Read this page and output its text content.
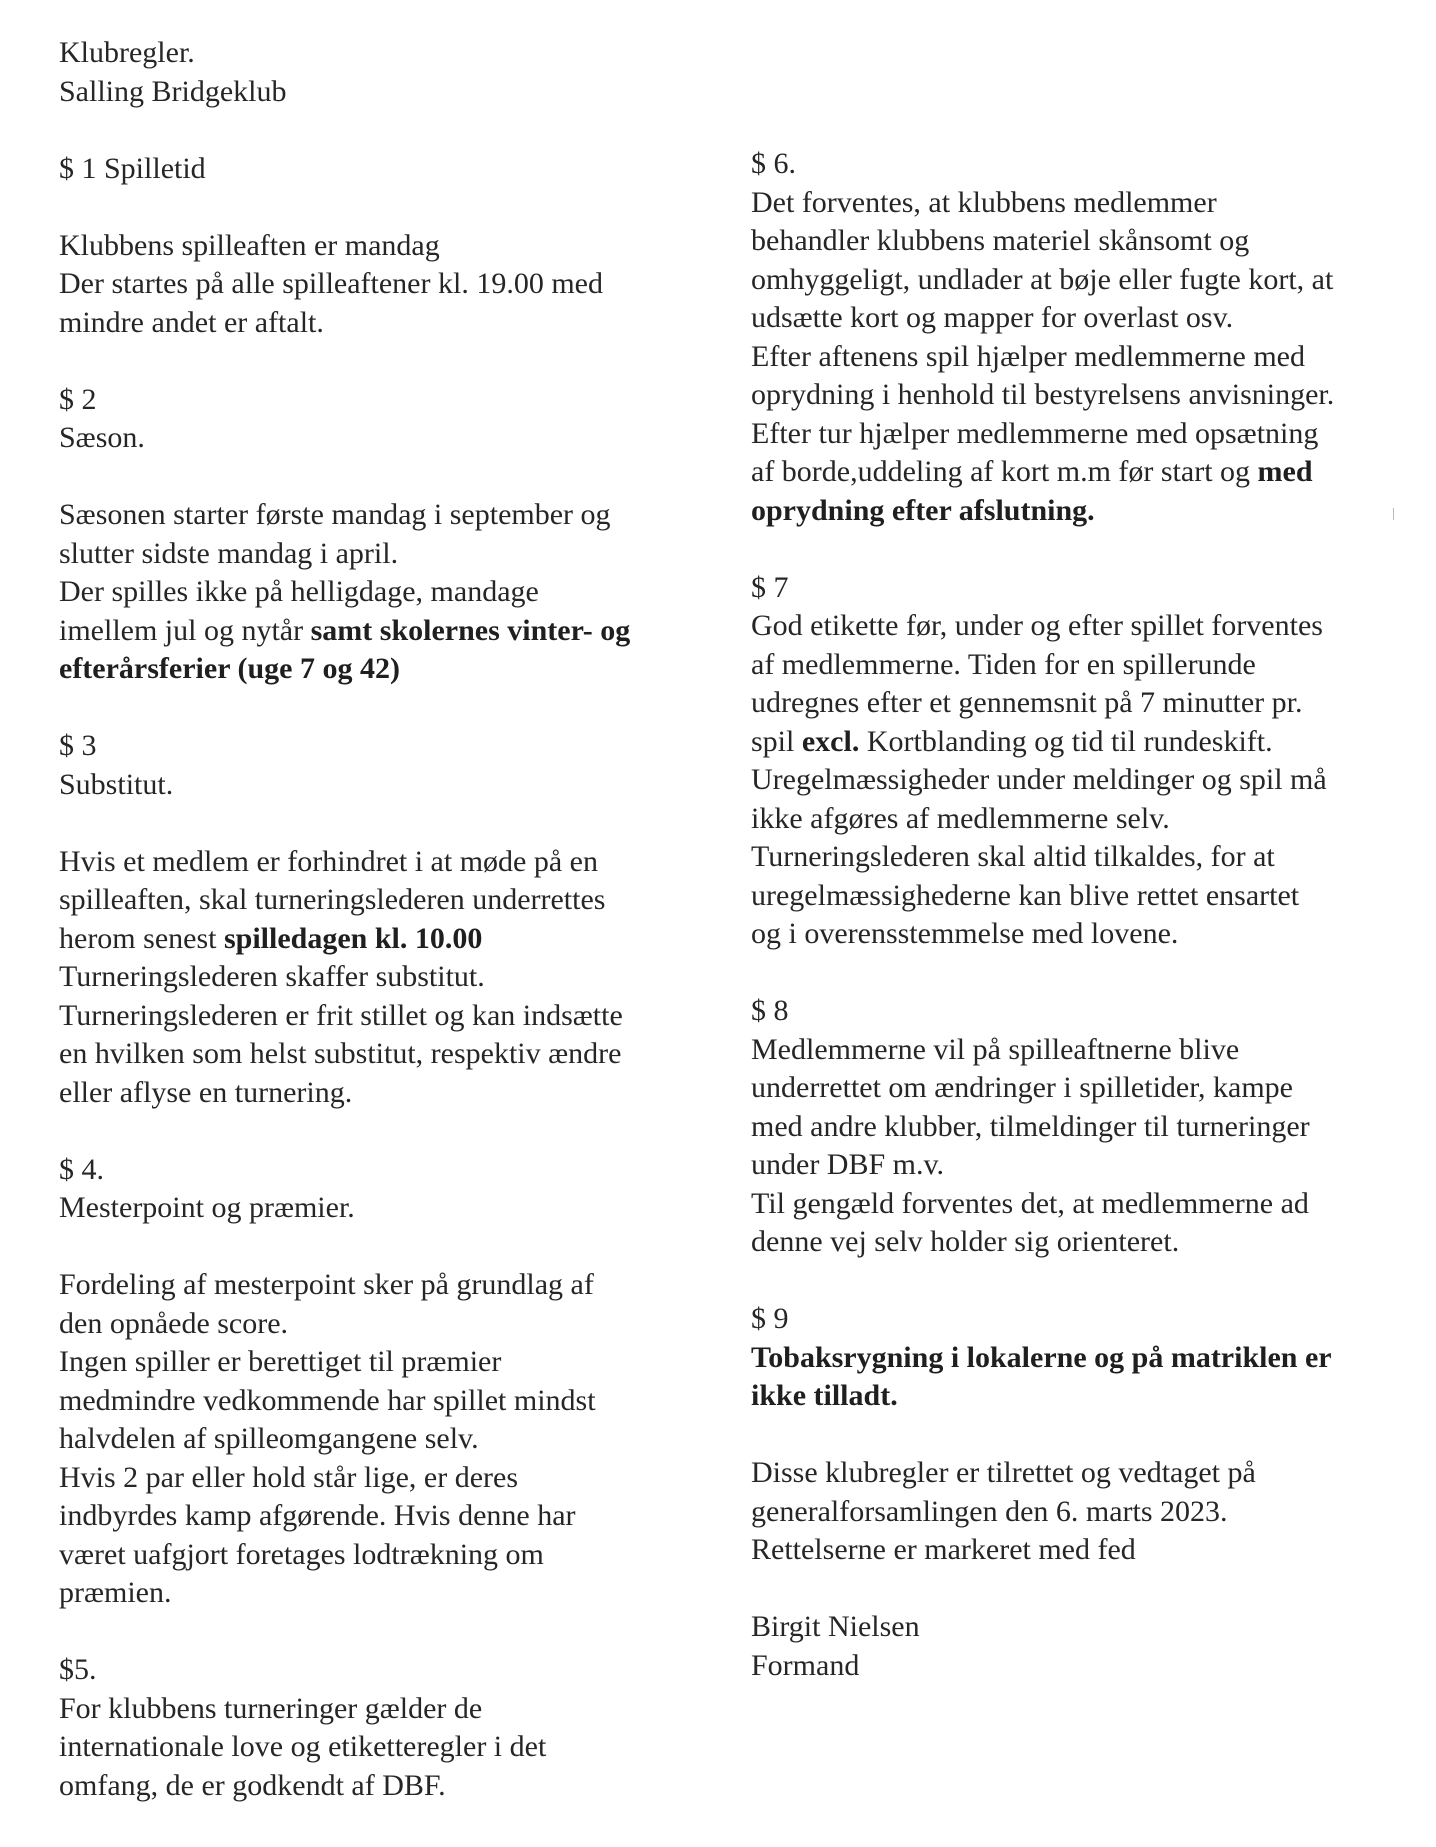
Klubregler.
Salling Bridgeklub
$ 1 Spilletid
Klubbens spilleaften er mandag
Der startes på alle spilleaftener kl. 19.00 med
mindre andet er aftalt.
$ 2
Sæson.
Sæsonen starter første mandag i september og
slutter sidste mandag i april.
Der spilles ikke på helligdage, mandage
imellem jul og nytår samt skolernes vinter- og
efterårsferier (uge 7 og 42)
$ 3
Substitut.
Hvis et medlem er forhindret i at møde på en
spilleaften, skal turneringslederen underrettes
herom senest spilledagen kl. 10.00
Turneringslederen skaffer substitut.
Turneringslederen er frit stillet og kan indsætte
en hvilken som helst substitut, respektiv ændre
eller aflyse en turnering.
$ 4.
Mesterpoint og præmier.
Fordeling af mesterpoint sker på grundlag af
den opnåede score.
Ingen spiller er berettiget til præmier
medmindre vedkommende har spillet mindst
halvdelen af spilleomgangene selv.
Hvis 2 par eller hold står lige, er deres
indbyrdes kamp afgørende. Hvis denne har
været uafgjort foretages lodtrækning om
præmien.
$5.
For klubbens turneringer gælder de
internationale love og etiketteregler i det
omfang, de er godkendt af DBF.
$ 6.
Det forventes, at klubbens medlemmer
behandler klubbens materiel skånsomt og
omhyggeligt, undlader at bøje eller fugte kort, at
udsætte kort og mapper for overlast osv.
Efter aftenens spil hjælper medlemmerne med
oprydning i henhold til bestyrelsens anvisninger.
Efter tur hjælper medlemmerne med opsætning
af borde,uddeling af kort m.m før start og med
oprydning efter afslutning.
$ 7
God etikette før, under og efter spillet forventes
af medlemmerne. Tiden for en spillerunde
udregnes efter et gennemsnit på 7 minutter pr.
spil excl. Kortblanding og tid til rundeskift.
Uregelmæssigheder under meldinger og spil må
ikke afgøres af medlemmerne selv.
Turneringslederen skal altid tilkaldes, for at
uregelmæssighederne kan blive rettet ensartet
og i overensstemmelse med lovene.
$ 8
Medlemmerne vil på spilleaftnerne blive
underrettet om ændringer i spilletider, kampe
med andre klubber, tilmeldinger til turneringer
under DBF m.v.
Til gengæld forventes det, at medlemmerne ad
denne vej selv holder sig orienteret.
$ 9
Tobaksrygning i lokalerne og på matriklen er
ikke tilladt.
Disse klubregler er tilrettet og vedtaget på
generalforsamlingen den 6. marts 2023.
Rettelserne er markeret med fed
Birgit Nielsen
Formand
